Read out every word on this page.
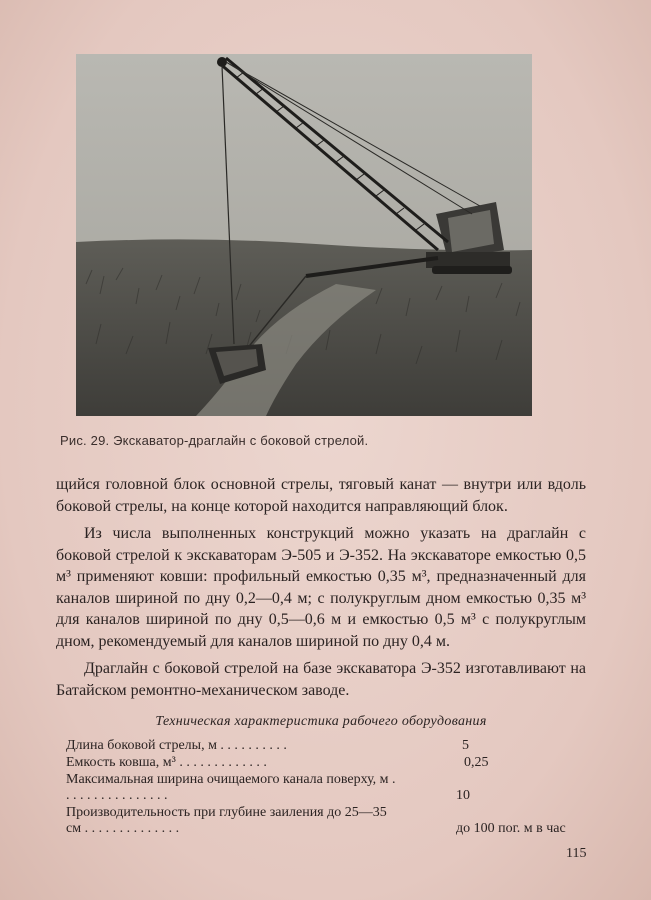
Рис. 29. Экскаватор-драглайн с боковой стрелой.

щийся головной блок основной стрелы, тяговый канат — внутри или вдоль боковой стрелы, на конце которой находится направляющий блок.

Из числа выполненных конструкций можно указать на драглайн с боковой стрелой к экскаваторам Э-505 и Э-352. На экскаваторе емкостью 0,5 м³ применяют ковши: профильный емкостью 0,35 м³, предназначенный для каналов шириной по дну 0,2—0,4 м; с полукруглым дном емкостью 0,35 м³ для каналов шириной по дну 0,5—0,6 м и емкостью 0,5 м³ с полукруглым дном, рекомендуемый для каналов шириной по дну 0,4 м.

Драглайн с боковой стрелой на базе экскаватора Э-352 изготавливают на Батайском ремонтно-механическом заводе.

Техническая характеристика рабочего оборудования
Длина боковой стрелы, м . . . . . . . . . .	5
Емкость ковша, м³ . . . . . . . . . . . . .	0,25
Максимальная ширина очищаемого канала поверху, м . . . . . . . . . . . . . . . .	10
Производительность при глубине заиления до 25—35 см . . . . . . . . . . . . . .	до 100 пог. м в час
115
